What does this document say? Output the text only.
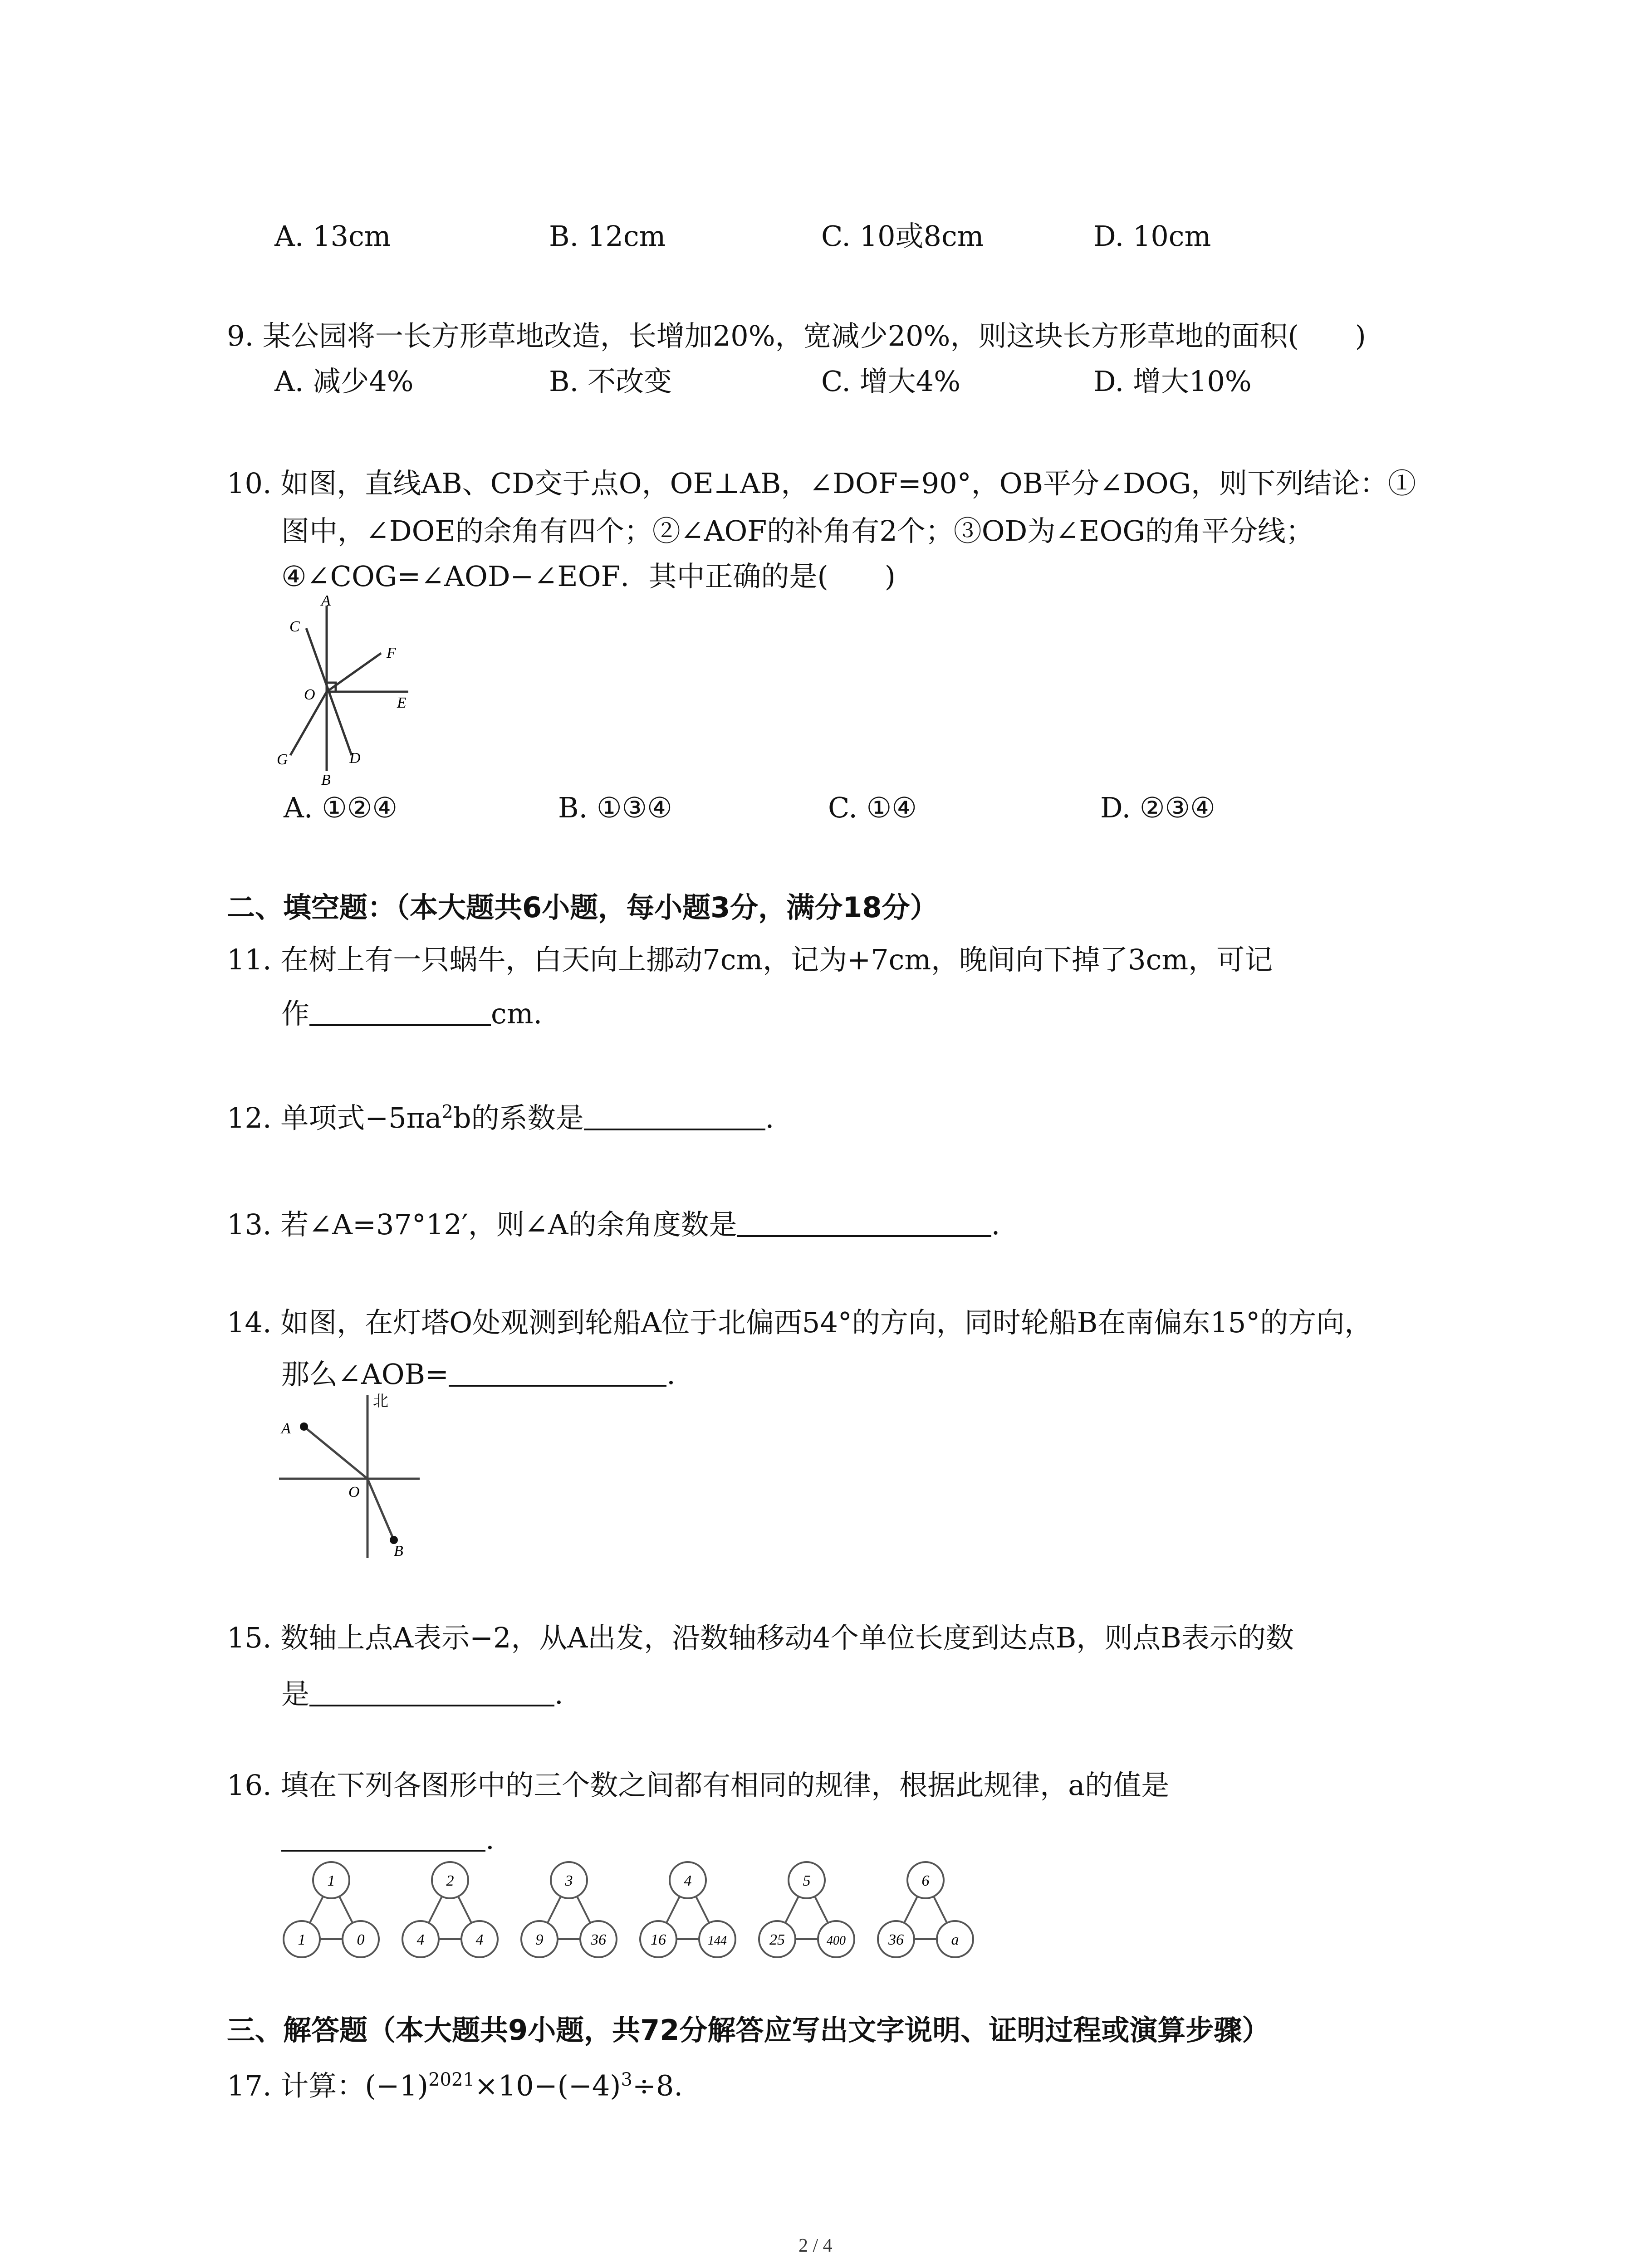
A. 13cm	B. 12cm	C. 10或8cm	D. 10cm
9. 某公园将一长方形草地改造，长增加20%，宽减少20%，则这块长方形草地的面积(　　)
A. 减少4%	B. 不改变	C. 增大4%	D. 增大10%
10. 如图，直线AB、CD交于点O，OE⊥AB，∠DOF=90°，OB平分∠DOG，则下列结论：①
图中，∠DOE的余角有四个；②∠AOF的补角有2个；③OD为∠EOG的角平分线；
④∠COG=∠AOD−∠EOF．其中正确的是(　　)
A
C
F
O	E
G	D
B
A. ①②④	B. ①③④	C. ①④	D. ②③④
二、填空题：（本大题共6小题，每小题3分，满分18分）
11. 在树上有一只蜗牛，白天向上挪动7cm，记为+7cm，晚间向下掉了3cm，可记
作	cm.
12. 单项式$-5\pi a^2b$的系数是	.
13. 若∠A=37°12′，则∠A的余角度数是	.
14. 如图，在灯塔O处观测到轮船A位于北偏西54°的方向，同时轮船B在南偏东15°的方向，
那么∠AOB=	.
北
A
O
B
15. 数轴上点A表示−2，从A出发，沿数轴移动4个单位长度到达点B，则点B表示的数
是	.
16. 填在下列各图形中的三个数之间都有相同的规律，根据此规律，a的值是
.
1
1	0
2
4	4
3
9	36
4
16	144
5
25	400
6
36	a
三、解答题（本大题共9小题，共72分解答应写出文字说明、证明过程或演算步骤）
17. 计算：$(-1)^{2021}\times 10-(-4)^3\div 8$.
2 / 4
